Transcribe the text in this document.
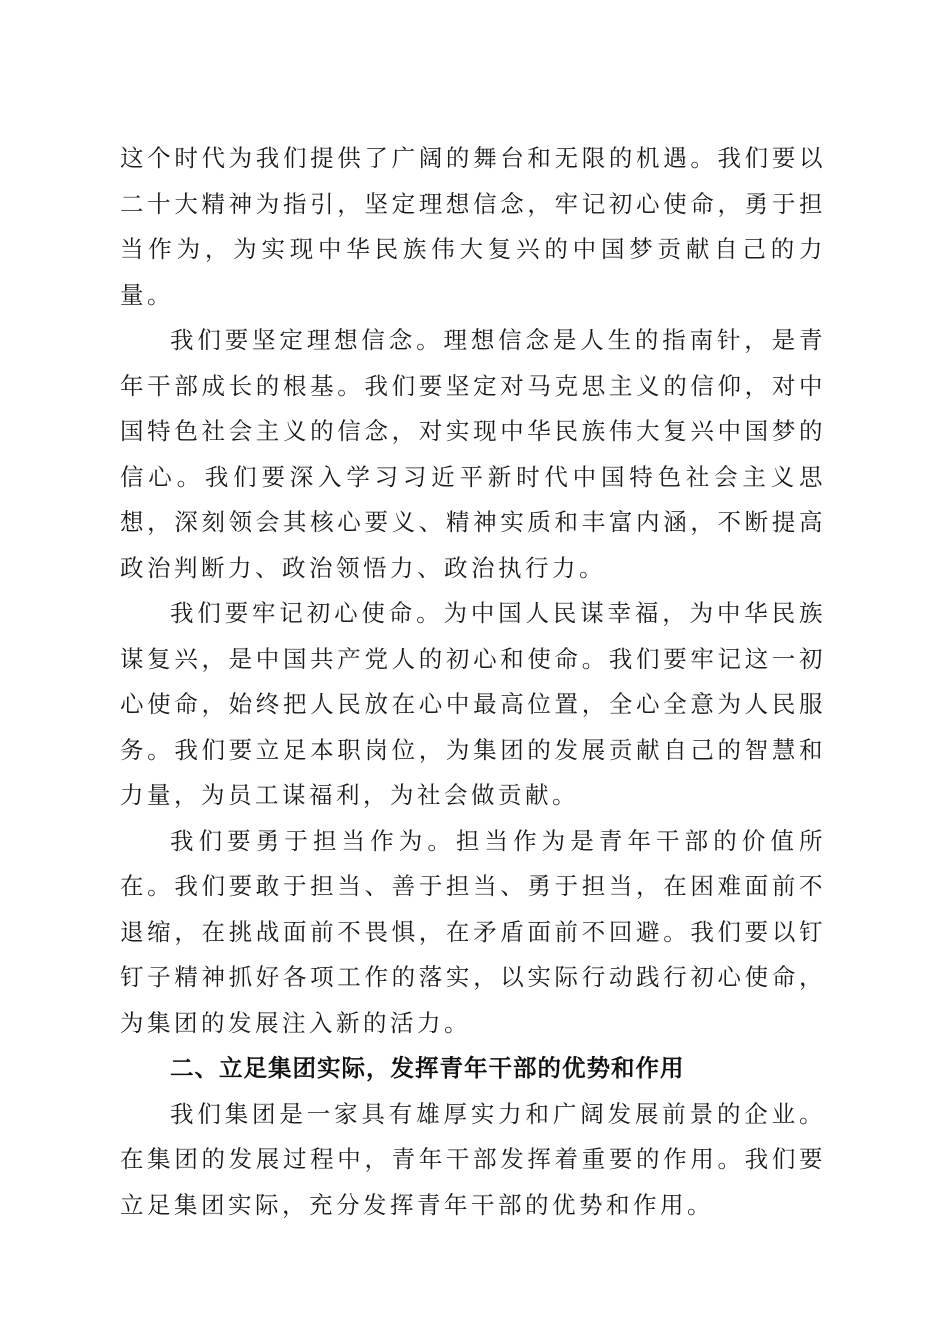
这个时代为我们提供了广阔的舞台和无限的机遇。我们要以二十大精神为指引，坚定理想信念，牢记初心使命，勇于担当作为，为实现中华民族伟大复兴的中国梦贡献自己的力量。

我们要坚定理想信念。理想信念是人生的指南针，是青年干部成长的根基。我们要坚定对马克思主义的信仰，对中国特色社会主义的信念，对实现中华民族伟大复兴中国梦的信心。我们要深入学习习近平新时代中国特色社会主义思想，深刻领会其核心要义、精神实质和丰富内涵，不断提高政治判断力、政治领悟力、政治执行力。

我们要牢记初心使命。为中国人民谋幸福，为中华民族谋复兴，是中国共产党人的初心和使命。我们要牢记这一初心使命，始终把人民放在心中最高位置，全心全意为人民服务。我们要立足本职岗位，为集团的发展贡献自己的智慧和力量，为员工谋福利，为社会做贡献。

我们要勇于担当作为。担当作为是青年干部的价值所在。我们要敢于担当、善于担当、勇于担当，在困难面前不退缩，在挑战面前不畏惧，在矛盾面前不回避。我们要以钉钉子精神抓好各项工作的落实，以实际行动践行初心使命，为集团的发展注入新的活力。

二、立足集团实际，发挥青年干部的优势和作用

我们集团是一家具有雄厚实力和广阔发展前景的企业。在集团的发展过程中，青年干部发挥着重要的作用。我们要立足集团实际，充分发挥青年干部的优势和作用。
